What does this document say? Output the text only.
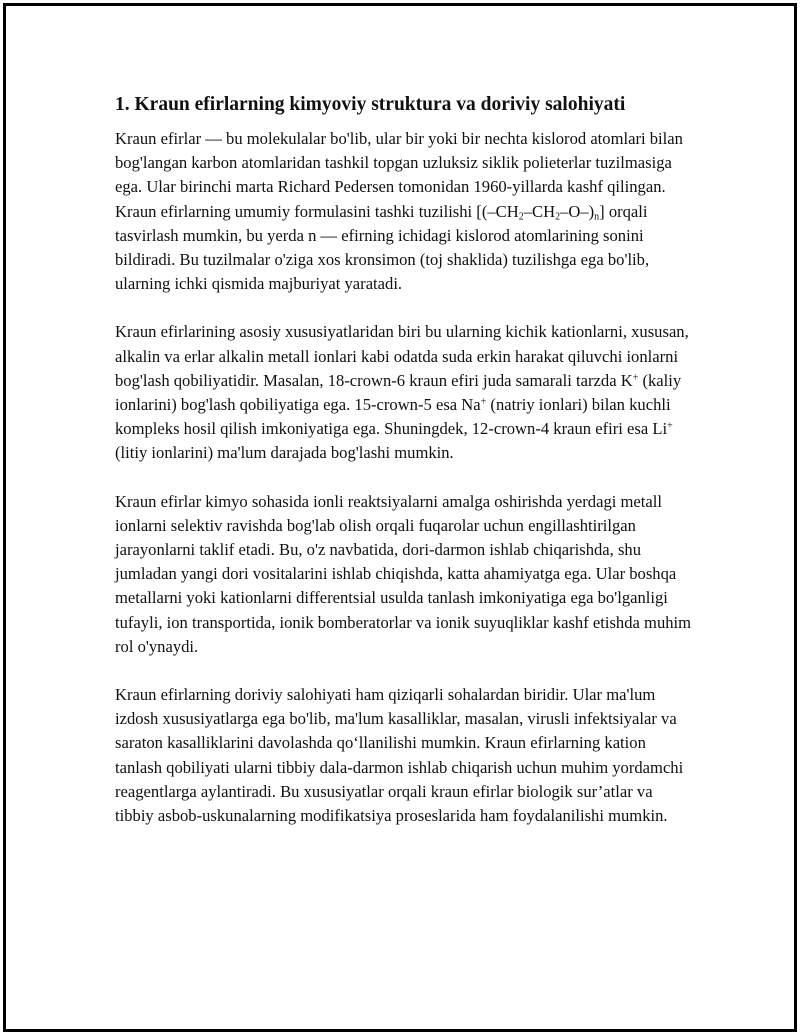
1. Kraun efirlarning kimyoviy struktura va doriviy salohiyati

Kraun efirlar — bu molekulalar bo'lib, ular bir yoki bir nechta kislorod atomlari bilan bog'langan karbon atomlaridan tashkil topgan uzluksiz siklik polieterlar tuzilmasiga ega. Ular birinchi marta Richard Pedersen tomonidan 1960-yillarda kashf qilingan. Kraun efirlarning umumiy formulasini tashki tuzilishi $[(-CH_2-CH_2-O-)_n]$ orqali tasvirlash mumkin, bu yerda n — efirning ichidagi kislorod atomlarining sonini bildiradi. Bu tuzilmalar o'ziga xos kronsimon (toj shaklida) tuzilishga ega bo'lib, ularning ichki qismida majburiyat yaratadi.

Kraun efirlarining asosiy xususiyatlaridan biri bu ularning kichik kationlarni, xususan, alkalin va erlar alkalin metall ionlari kabi odatda suda erkin harakat qiluvchi ionlarni bog'lash qobiliyatidir. Masalan, 18-crown-6 kraun efiri juda samarali tarzda K+ (kaliy ionlarini) bog'lash qobiliyatiga ega. 15-crown-5 esa Na+ (natriy ionlari) bilan kuchli kompleks hosil qilish imkoniyatiga ega. Shuningdek, 12-crown-4 kraun efiri esa Li+ (litiy ionlarini) ma'lum darajada bog'lashi mumkin.

Kraun efirlar kimyo sohasida ionli reaktsiyalarni amalga oshirishda yerdagi metall ionlarni selektiv ravishda bog'lab olish orqali fuqarolar uchun engillashtirilgan jarayonlarni taklif etadi. Bu, o'z navbatida, dori-darmon ishlab chiqarishda, shu jumladan yangi dori vositalarini ishlab chiqishda, katta ahamiyatga ega. Ular boshqa metallarni yoki kationlarni differentsial usulda tanlash imkoniyatiga ega bo'lganligi tufayli, ion transportida, ionik bomberatorlar va ionik suyuqliklar kashf etishda muhim rol o'ynaydi.

Kraun efirlarning doriviy salohiyati ham qiziqarli sohalardan biridir. Ular ma'lum izdosh xususiyatlarga ega bo'lib, ma'lum kasalliklar, masalan, virusli infektsiyalar va saraton kasalliklarini davolashda qo‘llanilishi mumkin. Kraun efirlarning kation tanlash qobiliyati ularni tibbiy dala-darmon ishlab chiqarish uchun muhim yordamchi reagentlarga aylantiradi. Bu xususiyatlar orqali kraun efirlar biologik sur’atlar va tibbiy asbob-uskunalarning modifikatsiya proseslarida ham foydalanilishi mumkin.
